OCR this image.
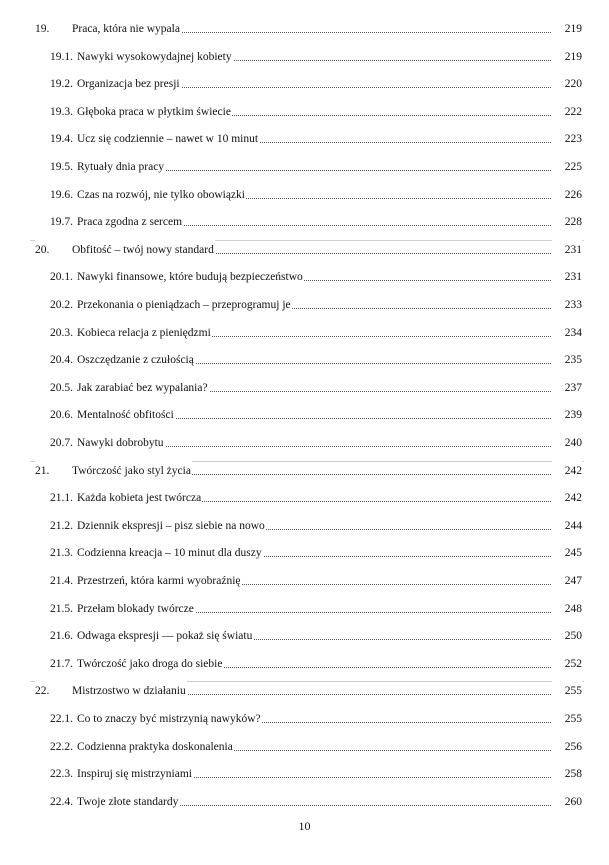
19. Praca, która nie wypala	219
19.1. Nawyki wysokowydajnej kobiety	219
19.2. Organizacja bez presji	220
19.3. Głęboka praca w płytkim świecie	222
19.4. Ucz się codziennie – nawet w 10 minut	223
19.5. Rytuały dnia pracy	225
19.6. Czas na rozwój, nie tylko obowiązki	226
19.7. Praca zgodna z sercem	228
20. Obfitość – twój nowy standard	231
20.1. Nawyki finansowe, które budują bezpieczeństwo	231
20.2. Przekonania o pieniądzach – przeprogramuj je	233
20.3. Kobieca relacja z pieniędzmi	234
20.4. Oszczędzanie z czułością	235
20.5. Jak zarabiać bez wypalania?	237
20.6. Mentalność obfitości	239
20.7. Nawyki dobrobytu	240
21. Twórczość jako styl życia	242
21.1. Każda kobieta jest twórcza	242
21.2. Dziennik ekspresji – pisz siebie na nowo	244
21.3. Codzienna kreacja – 10 minut dla duszy	245
21.4. Przestrzeń, która karmi wyobraźnię	247
21.5. Przełam blokady twórcze	248
21.6. Odwaga ekspresji — pokaż się światu	250
21.7. Twórczość jako droga do siebie	252
22. Mistrzostwo w działaniu	255
22.1. Co to znaczy być mistrzynią nawyków?	255
22.2. Codzienna praktyka doskonalenia	256
22.3. Inspiruj się mistrzyniami	258
22.4. Twoje złote standardy	260
10
